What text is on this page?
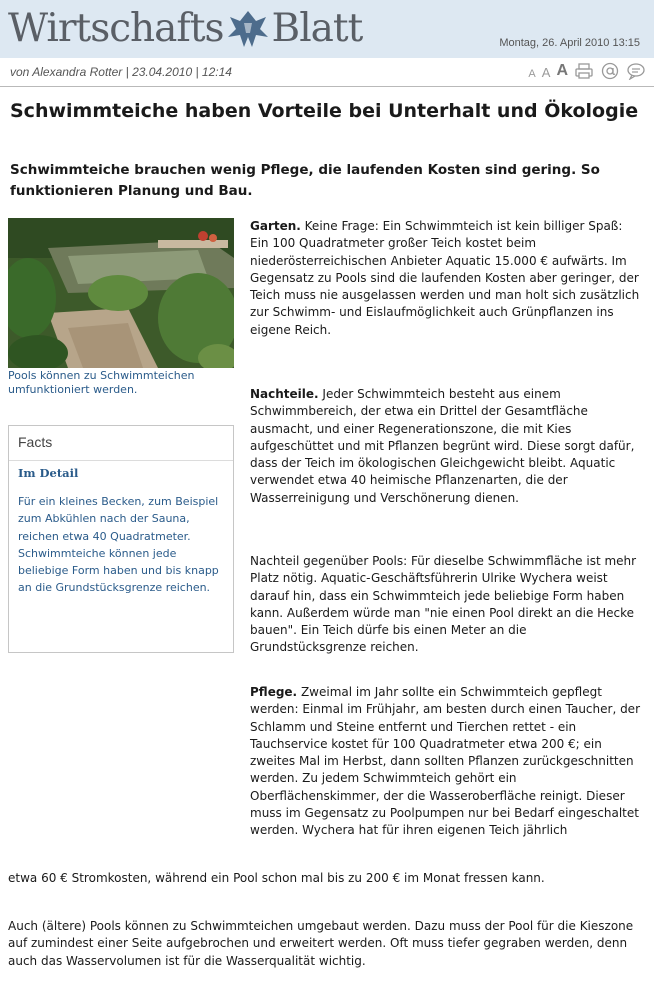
Wirtschafts Blatt	Montag, 26. April 2010 13:15
von Alexandra Rotter | 23.04.2010 | 12:14	A A A
Schwimmteiche haben Vorteile bei Unterhalt und Ökologie
Schwimmteiche brauchen wenig Pflege, die laufenden Kosten sind gering. So funktionieren Planung und Bau.
Pools können zu Schwimmteichen umfunktioniert werden.
Facts
Im Detail
Für ein kleines Becken, zum Beispiel zum Abkühlen nach der Sauna, reichen etwa 40 Quadratmeter. Schwimmteiche können jede beliebige Form haben und bis knapp an die Grundstücksgrenze reichen.

Garten. Keine Frage: Ein Schwimmteich ist kein billiger Spaß: Ein 100 Quadratmeter großer Teich kostet beim niederösterreichischen Anbieter Aquatic 15.000 € aufwärts. Im Gegensatz zu Pools sind die laufenden Kosten aber geringer, der Teich muss nie ausgelassen werden und man holt sich zusätzlich zur Schwimm- und Eislaufmöglichkeit auch Grünpflanzen ins eigene Reich.

Nachteile. Jeder Schwimmteich besteht aus einem Schwimmbereich, der etwa ein Drittel der Gesamtfläche ausmacht, und einer Regenerationszone, die mit Kies aufgeschüttet und mit Pflanzen begrünt wird. Diese sorgt dafür, dass der Teich im ökologischen Gleichgewicht bleibt. Aquatic verwendet etwa 40 heimische Pflanzenarten, die der Wasserreinigung und Verschönerung dienen.

Nachteil gegenüber Pools: Für dieselbe Schwimmfläche ist mehr Platz nötig. Aquatic-Geschäftsführerin Ulrike Wychera weist darauf hin, dass ein Schwimmteich jede beliebige Form haben kann. Außerdem würde man "nie einen Pool direkt an die Hecke bauen". Ein Teich dürfe bis einen Meter an die Grundstücksgrenze reichen.

Pflege. Zweimal im Jahr sollte ein Schwimmteich gepflegt werden: Einmal im Frühjahr, am besten durch einen Taucher, der Schlamm und Steine entfernt und Tierchen rettet - ein Tauchservice kostet für 100 Quadratmeter etwa 200 €; ein zweites Mal im Herbst, dann sollten Pflanzen zurückgeschnitten werden. Zu jedem Schwimmteich gehört ein Oberflächenskimmer, der die Wasseroberfläche reinigt. Dieser muss im Gegensatz zu Poolpumpen nur bei Bedarf eingeschaltet werden. Wychera hat für ihren eigenen Teich jährlich

etwa 60 € Stromkosten, während ein Pool schon mal bis zu 200 € im Monat fressen kann.

Auch (ältere) Pools können zu Schwimmteichen umgebaut werden. Dazu muss der Pool für die Kieszone auf zumindest einer Seite aufgebrochen und erweitert werden. Oft muss tiefer gegraben werden, denn auch das Wasservolumen ist für die Wasserqualität wichtig.
